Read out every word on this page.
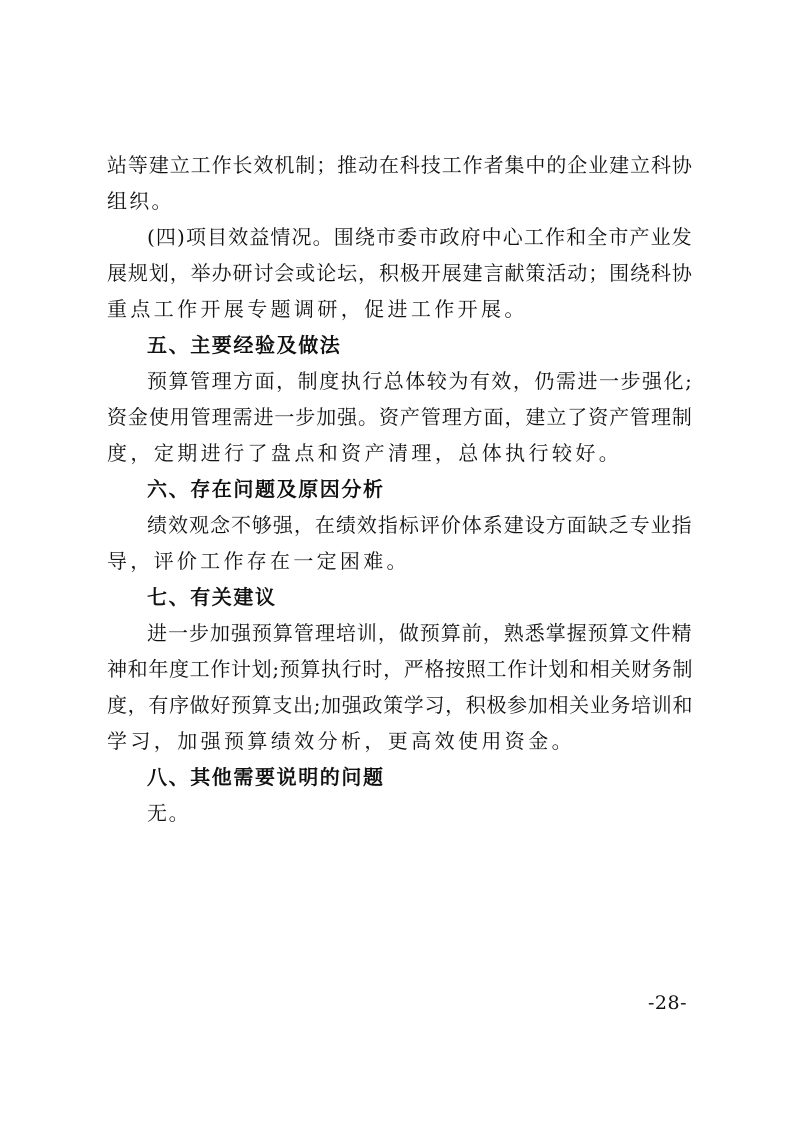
站等建立工作长效机制；推动在科技工作者集中的企业建立科协
组织。
(四)项目效益情况。围绕市委市政府中心工作和全市产业发
展规划，举办研讨会或论坛，积极开展建言献策活动；围绕科协
重点工作开展专题调研，促进工作开展。
五、主要经验及做法
预算管理方面，制度执行总体较为有效，仍需进一步强化;
资金使用管理需进一步加强。资产管理方面，建立了资产管理制
度，定期进行了盘点和资产清理，总体执行较好。
六、存在问题及原因分析
绩效观念不够强，在绩效指标评价体系建设方面缺乏专业指
导，评价工作存在一定困难。
七、有关建议
进一步加强预算管理培训，做预算前，熟悉掌握预算文件精
神和年度工作计划;预算执行时，严格按照工作计划和相关财务制
度，有序做好预算支出;加强政策学习，积极参加相关业务培训和
学习，加强预算绩效分析，更高效使用资金。
八、其他需要说明的问题
无。
-28-
